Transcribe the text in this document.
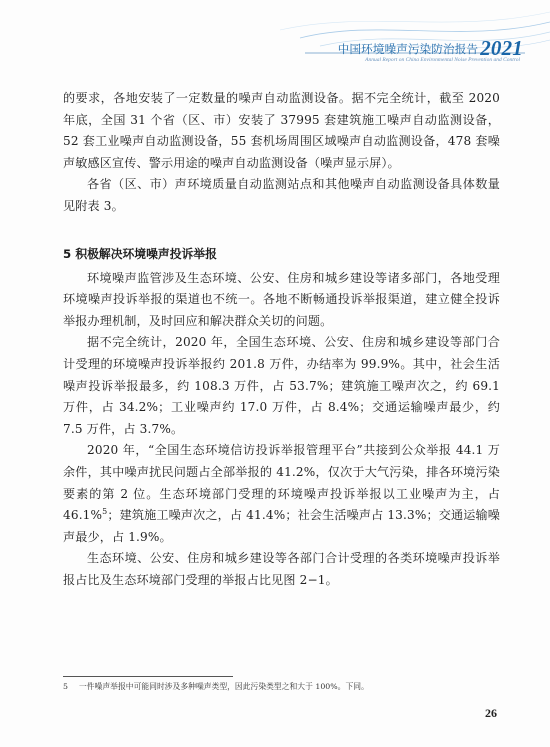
中国环境噪声污染防治报告2021
Annual Report on China Environmental Noise Prevention and Control

的要求，各地安装了一定数量的噪声自动监测设备。据不完全统计，截至 2020 年底，全国 31 个省（区、市）安装了 37995 套建筑施工噪声自动监测设备，52 套工业噪声自动监测设备，55 套机场周围区域噪声自动监测设备，478 套噪声敏感区宣传、警示用途的噪声自动监测设备（噪声显示屏）。

各省（区、市）声环境质量自动监测站点和其他噪声自动监测设备具体数量见附表 3。

5 积极解决环境噪声投诉举报

环境噪声监管涉及生态环境、公安、住房和城乡建设等诸多部门，各地受理环境噪声投诉举报的渠道也不统一。各地不断畅通投诉举报渠道，建立健全投诉举报办理机制，及时回应和解决群众关切的问题。

据不完全统计，2020 年，全国生态环境、公安、住房和城乡建设等部门合计受理的环境噪声投诉举报约 201.8 万件，办结率为 99.9%。其中，社会生活噪声投诉举报最多，约 108.3 万件，占 53.7%；建筑施工噪声次之，约 69.1 万件，占 34.2%；工业噪声约 17.0 万件，占 8.4%；交通运输噪声最少，约 7.5 万件，占 3.7%。

2020 年，“全国生态环境信访投诉举报管理平台”共接到公众举报 44.1 万余件，其中噪声扰民问题占全部举报的 41.2%，仅次于大气污染，排各环境污染要素的第 2 位。生态环境部门受理的环境噪声投诉举报以工业噪声为主，占 46.1%$^5$；建筑施工噪声次之，占 41.4%；社会生活噪声占 13.3%；交通运输噪声最少，占 1.9%。

生态环境、公安、住房和城乡建设等各部门合计受理的各类环境噪声投诉举报占比及生态环境部门受理的举报占比见图 2−1。

5 一件噪声举报中可能同时涉及多种噪声类型，因此污染类型之和大于 100%。下同。
26
